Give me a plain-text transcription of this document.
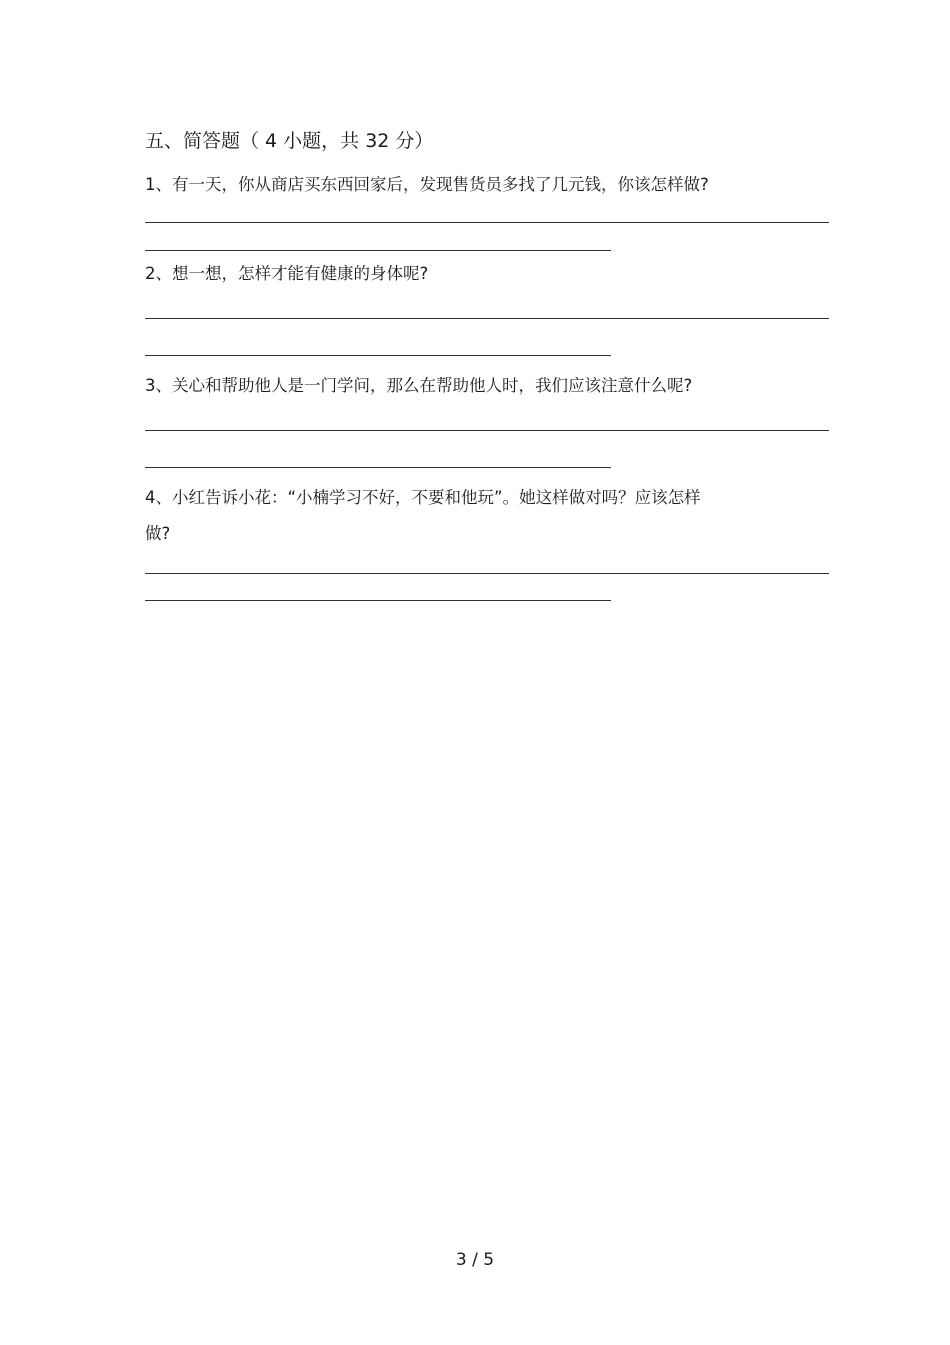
五、简答题（ 4 小题，共 32 分）
1、有一天，你从商店买东西回家后，发现售货员多找了几元钱，你该怎样做?
2、想一想，怎样才能有健康的身体呢?
3、关心和帮助他人是一门学问，那么在帮助他人时，我们应该注意什么呢?
4、小红告诉小花：“小楠学习不好，不要和他玩”。她这样做对吗？应该怎样
做?
3 / 5
